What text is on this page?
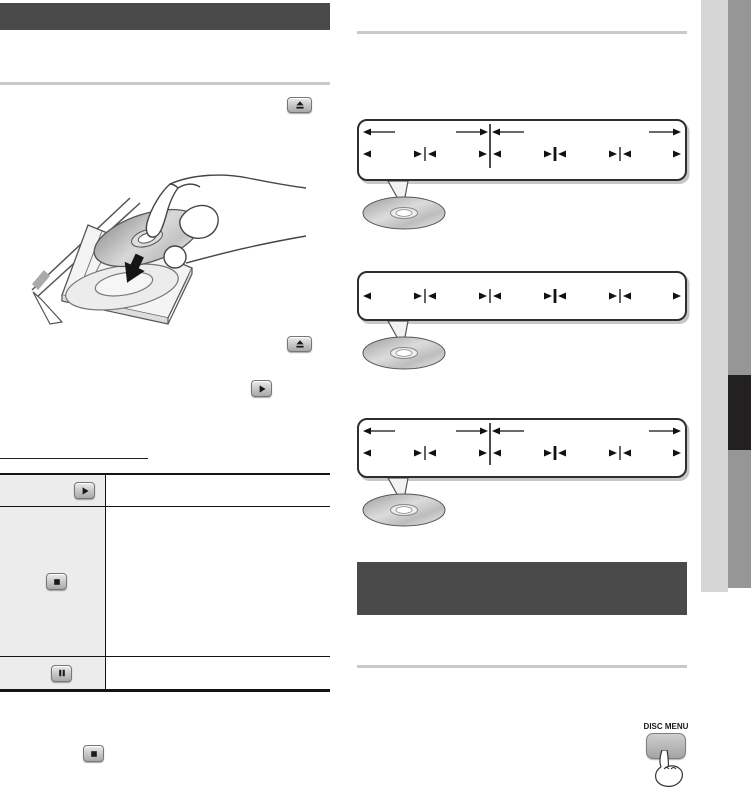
DISC MENU
